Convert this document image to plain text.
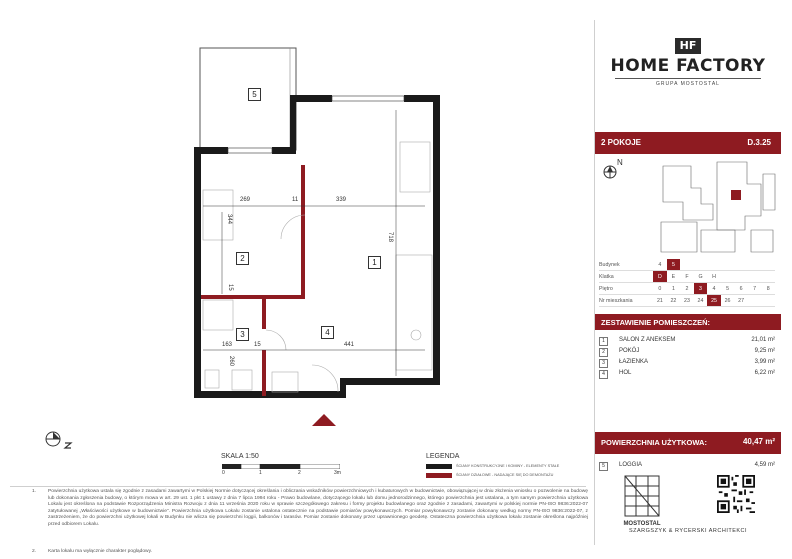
5
2	1
3	4
269	11	339
344
718
15
163	15	441
260
SKALA 1:50
0	1	2	3m
LEGENDA
ŚCIANY KONSTRUKCYJNE I KOMINY - ELEMENTY STAŁE
ŚCIANY DZIAŁOWE - NADAJĄCE SIĘ DO DEMONTAŻU
1. Powierzchnia użytkowa ustala się zgodnie z zasadami zawartymi w Polskiej Normie dotyczącej określania i obliczania wskaźników powierzchniowych i kubaturowych w budownictwie, obowiązującej w dniu złożenia wniosku o pozwolenie na budowę lub dokonania zgłoszenia budowy, o którym mowa w art. 29 ust. 1 pkt 1 ustawy z dnia 7 lipca 1994 roku - Prawo budowlane, dotyczącego lokalu lub domu jednorodzinnego, którego powierzchnia jest ustalana, a tym samym powierzchnia użytkowa Lokalu jest określona na podstawie Rozporządzenia Ministra Rozwoju z dnia 11 września 2020 roku w sprawie szczegółowego zakresu i formy projektu budowlanego oraz zgodnie z zasadami, zawartymi w polskiej normie PN-ISO 9836:2022-07 zatytułowanej „Właściwości użytkowe w budownictwie”. Powierzchnia użytkowa Lokalu zostanie ustalona ostatecznie na podstawie pomiarów powykonawczych. Pomiar powykonawczy zostanie dokonany według normy PN-ISO 9836:2022-07, z zastrzeżeniem, że do powierzchni użytkowej lokali w Budynku nie wlicza się powierzchni loggii, balkonów i tarasów. Pomiar zostanie dokonany przez uprawnionego geodetę. Ostateczna powierzchnia użytkowa lokalu zostanie określona najpóźniej przed odbiorem Lokalu.
2. Karta lokalu ma wyłącznie charakter poglądowy.
HF
HOME FACTORY
GRUPA MOSTOSTAL
2 POKOJE	D.3.25
N
Budynek	4	5							
Klatka	D	E	F	G	H				
Piętro	0	1	2	3	4	5	6	7	8
Nr mieszkania	21	22	23	24	25	26	27		
ZESTAWIENIE POMIESZCZEŃ:
1	SALON Z ANEKSEM	21,01 m²
2	POKÓJ	9,25 m²
3	ŁAZIENKA	3,99 m²
4	HOL	6,22 m²
POWIERZCHNIA UŻYTKOWA:	40,47 m²
5	LOGGIA	4,59 m²
MOSTOSTAL
SZARGSZYK & RYCERSKI ARCHITEKCI
